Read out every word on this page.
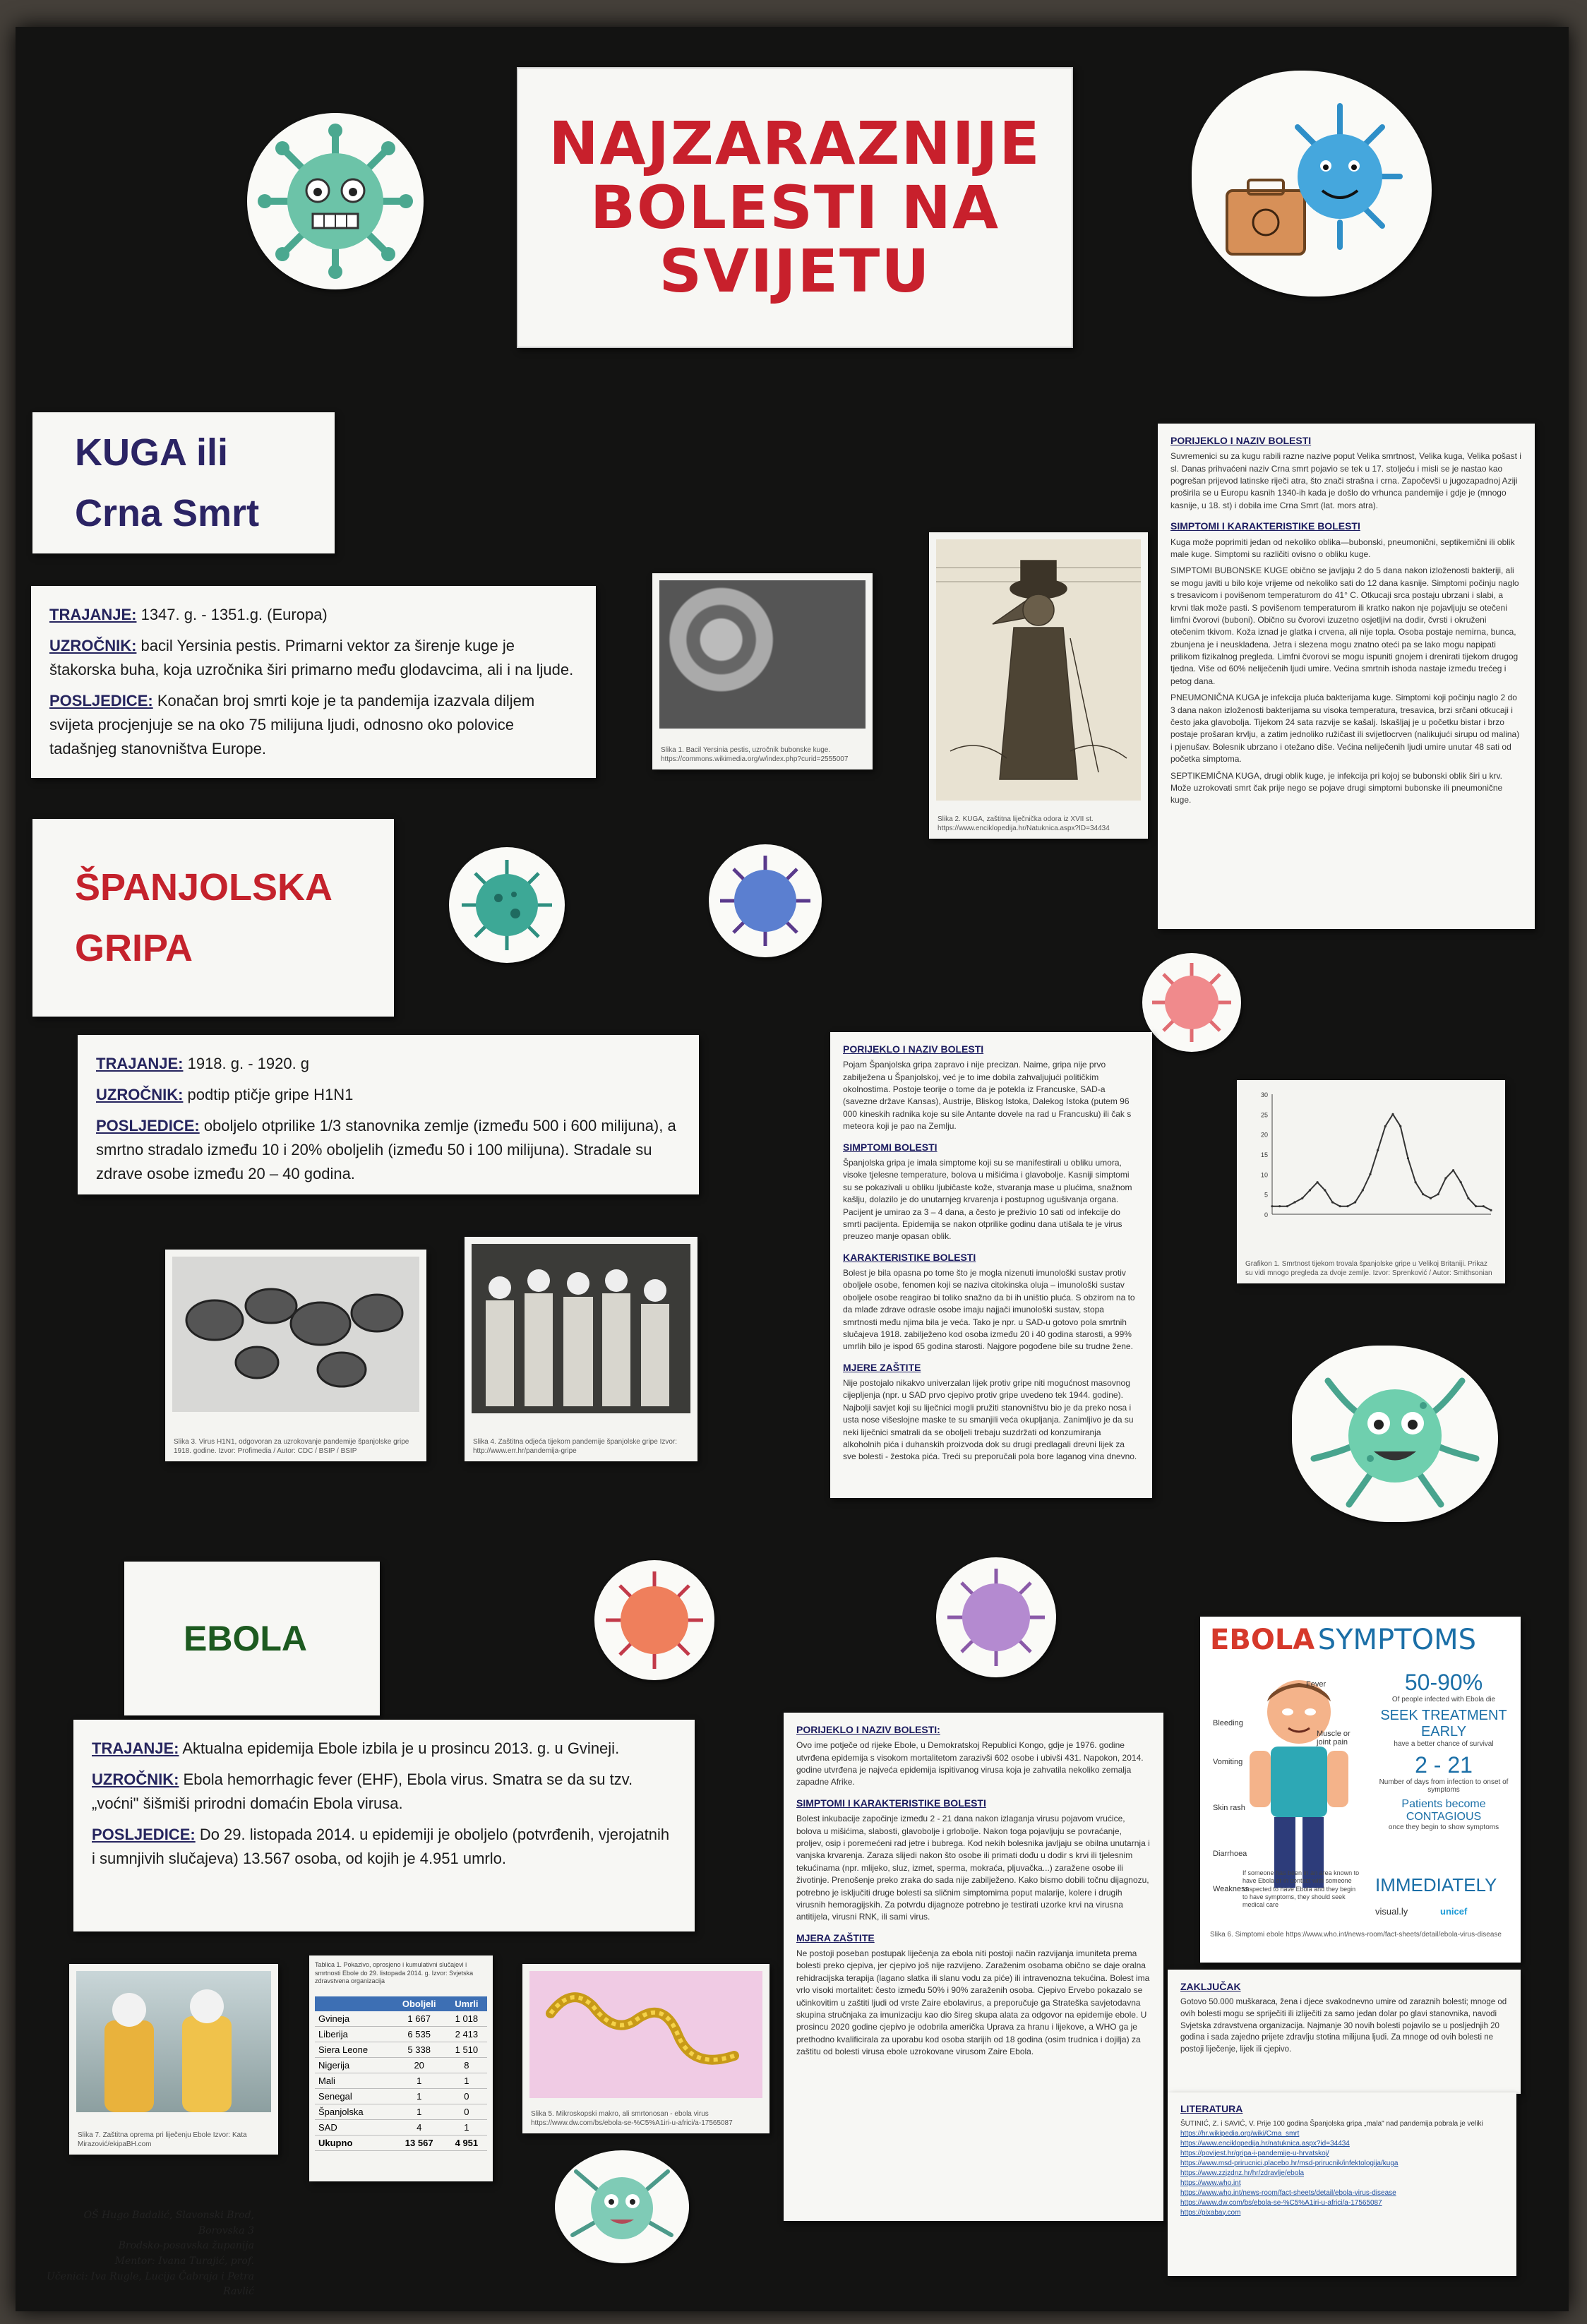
NAJZARAZNIJE
BOLESTI NA
SVIJETU
KUGA ili
Crna Smrt

TRAJANJE: 1347. g. - 1351.g. (Europa)

UZROČNIK: bacil Yersinia pestis. Primarni vektor za širenje kuge je štakorska buha, koja uzročnika širi primarno među glodavcima, ali i na ljude.

POSLJEDICE: Konačan broj smrti koje je ta pandemija izazvala diljem svijeta procjenjuje se na oko 75 milijuna ljudi, odnosno oko polovice tadašnjeg stanovništva Europe.	Slika 1. Bacil Yersinia pestis, uzročnik bubonske kuge. https://commons.wikimedia.org/w/index.php?curid=2555007
Slika 2. KUGA, zaštitna liječnička odora iz XVII st. https://www.enciklopedija.hr/Natuknica.aspx?ID=34434
PORIJEKLO I NAZIV BOLESTI

Suvremenici su za kugu rabili razne nazive poput Velika smrtnost, Velika kuga, Velika pošast i sl. Danas prihvaćeni naziv Crna smrt pojavio se tek u 17. stoljeću i misli se je nastao kao pogrešan prijevod latinske riječi atra, što znači strašna i crna. Započevši u jugozapadnoj Aziji proširila se u Europu kasnih 1340-ih kada je došlo do vrhunca pandemije i gdje je (mnogo kasnije, u 18. st) i dobila ime Crna Smrt (lat. mors atra).

SIMPTOMI I KARAKTERISTIKE BOLESTI

Kuga može poprimiti jedan od nekoliko oblika—bubonski, pneumonični, septikemični ili oblik male kuge. Simptomi su različiti ovisno o obliku kuge.

SIMPTOMI BUBONSKE KUGE obično se javljaju 2 do 5 dana nakon izloženosti bakteriji, ali se mogu javiti u bilo koje vrijeme od nekoliko sati do 12 dana kasnije. Simptomi počinju naglo s tresavicom i povišenom temperaturom do 41° C. Otkucaji srca postaju ubrzani i slabi, a krvni tlak može pasti. S povišenom temperaturom ili kratko nakon nje pojavljuju se otečeni limfni čvorovi (buboni). Obično su čvorovi izuzetno osjetljivi na dodir, čvrsti i okruženi otečenim tkivom. Koža iznad je glatka i crvena, ali nije topla. Osoba postaje nemirna, bunca, zbunjena je i neusklađena. Jetra i slezena mogu znatno oteći pa se lako mogu napipati prilikom fizikalnog pregleda. Limfni čvorovi se mogu ispuniti gnojem i drenirati tijekom drugog tjedna. Više od 60% neliječenih ljudi umire. Većina smrtnih ishoda nastaje između trećeg i petog dana.

PNEUMONIČNA KUGA je infekcija pluća bakterijama kuge. Simptomi koji počinju naglo 2 do 3 dana nakon izloženosti bakterijama su visoka temperatura, tresavica, brzi srčani otkucaji i često jaka glavobolja. Tijekom 24 sata razvije se kašalj. Iskašljaj je u početku bistar i brzo postaje prošaran krvlju, a zatim jednoliko ružičast ili svijetlocrven (nalikujući sirupu od malina) i pjenušav. Bolesnik ubrzano i otežano diše. Većina neliječenih ljudi umire unutar 48 sati od početka simptoma.

SEPTIKEMIČNA KUGA, drugi oblik kuge, je infekcija pri kojoj se bubonski oblik širi u krv. Može uzrokovati smrt čak prije nego se pojave drugi simptomi bubonske ili pneumonične kuge.

ŠPANJOLSKA
GRIPA

TRAJANJE: 1918. g. - 1920. g

UZROČNIK: podtip ptičje gripe H1N1

POSLJEDICE: oboljelo otprilike 1/3 stanovnika zemlje (između 500 i 600 milijuna), a smrtno stradalo između 10 i 20% oboljelih (između 50 i 100 milijuna). Stradale su zdrave osobe između 20 – 40 godina.

Slika 3. Virus H1N1, odgovoran za uzrokovanje pandemije španjolske gripe 1918. godine. Izvor: Profimedia / Autor: CDC / BSIP / BSIP
Slika 4. Zaštitna odjeća tijekom pandemije španjolske gripe Izvor: http://www.err.hr/pandemija-gripe
PORIJEKLO I NAZIV BOLESTI

Pojam Španjolska gripa zapravo i nije precizan. Naime, gripa nije prvo zabilježena u Španjolskoj, već je to ime dobila zahvaljujući političkim okolnostima. Postoje teorije o tome da je potekla iz Francuske, SAD-a (savezne države Kansas), Austrije, Bliskog Istoka, Dalekog Istoka (putem 96 000 kineskih radnika koje su sile Antante dovele na rad u Francusku) ili čak s meteora koji je pao na Zemlju.

SIMPTOMI BOLESTI

Španjolska gripa je imala simptome koji su se manifestirali u obliku umora, visoke tjelesne temperature, bolova u mišićima i glavobolje. Kasniji simptomi su se pokazivali u obliku ljubičaste kože, stvaranja mase u plućima, snažnom kašlju, dolazilo je do unutarnjeg krvarenja i postupnog ugušivanja organa. Pacijent je umirao za 3 – 4 dana, a često je preživio 10 sati od infekcije do smrti pacijenta. Epidemija se nakon otprilike godinu dana utišala te je virus preuzeo manje opasan oblik.

KARAKTERISTIKE BOLESTI

Bolest je bila opasna po tome što je mogla nizenuti imunološki sustav protiv oboljele osobe, fenomen koji se naziva citokinska oluja – imunološki sustav oboljele osobe reagirao bi toliko snažno da bi ih uništio pluća. S obzirom na to da mlađe zdrave odrasle osobe imaju najjači imunološki sustav, stopa smrtnosti među njima bila je veća. Tako je npr. u SAD-u gotovo pola smrtnih slučajeva 1918. zabilježeno kod osoba između 20 i 40 godina starosti, a 99% umrlih bilo je ispod 65 godina starosti. Najgore pogođene bile su trudne žene.

MJERE ZAŠTITE

Nije postojalo nikakvo univerzalan lijek protiv gripe niti mogućnost masovnog cijepljenja (npr. u SAD prvo cjepivo protiv gripe uvedeno tek 1944. godine). Najbolji savjet koji su liječnici mogli pružiti stanovništvu bio je da preko nosa i usta nose višeslojne maske te su smanjili veća okupljanja. Zanimljivo je da su neki liječnici smatrali da se oboljeli trebaju suzdržati od konzumiranja alkoholnih pića i duhanskih proizvoda dok su drugi predlagali drevni lijek za sve bolesti - žestoka pića. Treći su preporučali pola bore laganog vina dnevno.

30
25
20
15
10
5
0
Grafikon 1. Smrtnost tijekom trovala španjolske gripe u Velikoj Britaniji. Prikaz su vidi mnogo pregleda za dvoje zemlje. Izvor: Sprenković / Autor: Smithsonian
EBOLA

TRAJANJE: Aktualna epidemija Ebole izbila je u prosincu 2013. g. u Gvineji.

UZROČNIK: Ebola hemorrhagic fever (EHF), Ebola virus. Smatra se da su tzv. „voćni" šišmiši prirodni domaćin Ebola virusa.

POSLJEDICE: Do 29. listopada 2014. u epidemiji je oboljelo (potvrđenih, vjerojatnih i sumnjivih slučajeva) 13.567 osoba, od kojih je 4.951 umrlo.

Slika 7. Zaštitna oprema pri liječenju Ebole Izvor: Kata Mirazović/ekipaBH.com
Tablica 1. Pokazivo, oprosjeno i kumulativni slučajevi i smrtnosti Ebole do 29. listopada 2014. g. Izvor: Svjetska zdravstvena organizacija
	Oboljeli	Umrli
Gvineja	1 667	1 018
Liberija	6 535	2 413
Siera Leone	5 338	1 510
Nigerija	20	8
Mali	1	1
Senegal	1	0
Španjolska	1	0
SAD	4	1
Ukupno	13 567	4 951
Slika 5. Mikroskopski makro, ali smrtonosan - ebola virus https://www.dw.com/bs/ebola-se-%C5%A1iri-u-africi/a-17565087
PORIJEKLO I NAZIV BOLESTI:

Ovo ime potječe od rijeke Ebole, u Demokratskoj Republici Kongo, gdje je 1976. godine utvrđena epidemija s visokom mortalitetom zarazivši 602 osobe i ubivši 431. Napokon, 2014. godine utvrđena je najveća epidemija ispitivanog virusa koja je zahvatila nekoliko zemalja zapadne Afrike.

SIMPTOMI I KARAKTERISTIKE BOLESTI

Bolest inkubacije započinje između 2 - 21 dana nakon izlaganja virusu pojavom vrućice, bolova u mišićima, slabosti, glavobolje i grlobolje. Nakon toga pojavljuju se povraćanje, proljev, osip i poremećeni rad jetre i bubrega. Kod nekih bolesnika javljaju se obilna unutarnja i vanjska krvarenja. Zaraza slijedi nakon što osobe ili primati dođu u dodir s krvi ili tjelesnim tekućinama (npr. mlijeko, sluz, izmet, sperma, mokraća, pljuvačka...) zaražene osobe ili životinje. Prenošenje preko zraka do sada nije zabilježeno. Kako bismo dobili točnu dijagnozu, potrebno je isključiti druge bolesti sa sličnim simptomima poput malarije, kolere i drugih virusnih hemoragijskih. Za potvrdu dijagnoze potrebno je testirati uzorke krvi na virusna antitijela, virusni RNK, ili sami virus.

MJERA ZAŠTITE

Ne postoji poseban postupak liječenja za ebola niti postoji način razvijanja imuniteta prema bolesti preko cjepiva, jer cjepivo još nije razvijeno. Zaraženim osobama obično se daje oralna rehidracijska terapija (lagano slatka ili slanu vodu za piće) ili intravenozna tekućina. Bolest ima vrlo visoki mortalitet: često između 50% i 90% zaraženih osoba. Cjepivo Ervebo pokazalo se učinkovitim u zaštiti ljudi od vrste Zaire ebolavirus, a preporučuje ga Strateška savjetodavna skupina stručnjaka za imunizaciju kao dio šireg skupa alata za odgovor na epidemije ebole. U prosincu 2020 godine cjepivo je odobrila američka Uprava za hranu i lijekove, a WHO ga je prethodno kvalificirala za uporabu kod osoba starijih od 18 godina (osim trudnica i dojilja) za zaštitu od bolesti virusa ebole uzrokovane virusom Zaire Ebola.

EBOLA SYMPTOMS
Fever
Muscle or joint pain
Bleeding
Vomiting
Skin rash
Diarrhoea
Weakness
50-90%
Of people infected with Ebola die
SEEK TREATMENT EARLY
have a better chance of survival
2 - 21
Number of days from infection to onset of symptoms
Patients become CONTAGIOUS
once they begin to show symptoms
If someone has been in an area known to have Ebola or in contact with someone suspected to have Ebola and they begin to have symptoms, they should seek medical care
IMMEDIATELY
visual.ly	unicef
Slika 6. Simptomi ebole https://www.who.int/news-room/fact-sheets/detail/ebola-virus-disease
ZAKLJUČAK

Gotovo 50.000 muškaraca, žena i djece svakodnevno umire od zaraznih bolesti; mnoge od ovih bolesti mogu se spriječiti ili izliječiti za samo jedan dolar po glavi stanovnika, navodi Svjetska zdravstvena organizacija. Najmanje 30 novih bolesti pojavilo se u posljednjih 20 godina i sada zajedno prijete zdravlju stotina milijuna ljudi. Za mnoge od ovih bolesti ne postoji liječenje, lijek ili cjepivo.

LITERATURA
ŠUTINIĆ, Z. i SAVIĆ, V. Prije 100 godina Španjolska gripa „mala" nad pandemija pobrala je veliki
https://hr.wikipedia.org/wiki/Crna_smrt
https://www.enciklopedija.hr/natuknica.aspx?id=34434
https://povijest.hr/gripa-i-pandemije-u-hrvatskoj/
https://www.msd-prirucnici.placebo.hr/msd-prirucnik/infektologija/kuga
https://www.zzjzdnz.hr/hr/zdravlje/ebola
https://www.who.int
https://www.who.int/news-room/fact-sheets/detail/ebola-virus-disease
https://www.dw.com/bs/ebola-se-%C5%A1iri-u-africi/a-17565087
https://pixabay.com
OŠ Hugo Badalić, Slavonski Brod, Borovska 3
Brodsko-posavska županija
Mentor: Ivana Turajić, prof.
Učenici: Iva Rugle, Lucija Čabraja i Petra Ravlić
